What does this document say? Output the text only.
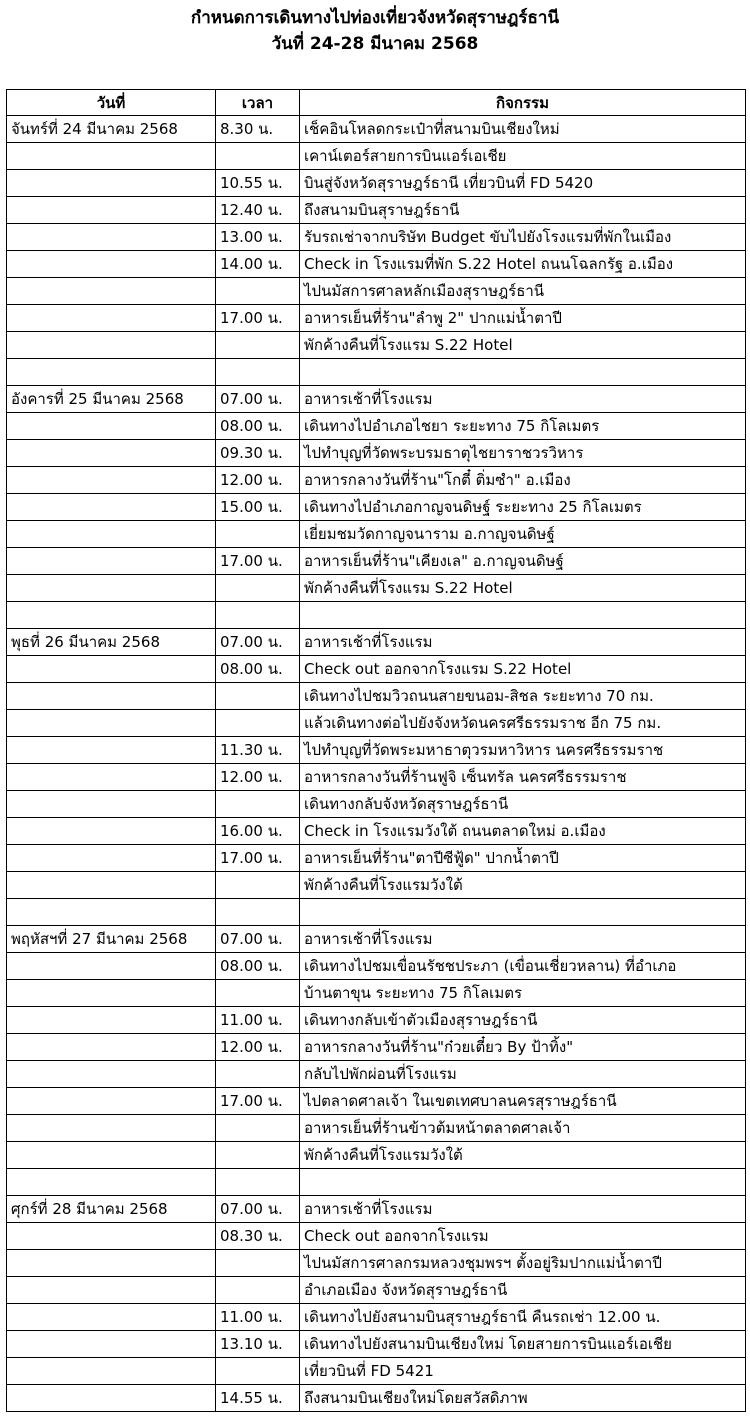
กำหนดการเดินทางไปท่องเที่ยวจังหวัดสุราษฎร์ธานี
วันที่ 24-28 มีนาคม 2568
วันที่	เวลา	กิจกรรม
จันทร์ที่ 24 มีนาคม 2568	8.30 น.	เช็คอินโหลดกระเป๋าที่สนามบินเชียงใหม่
		เคาน์เตอร์สายการบินแอร์เอเชีย
	10.55 น.	บินสู่จังหวัดสุราษฎร์ธานี เที่ยวบินที่ FD 5420
	12.40 น.	ถึงสนามบินสุราษฎร์ธานี
	13.00 น.	รับรถเช่าจากบริษัท Budget ขับไปยังโรงแรมที่พักในเมือง
	14.00 น.	Check in โรงแรมที่พัก S.22 Hotel ถนนโฉลกรัฐ อ.เมือง
		ไปนมัสการศาลหลักเมืองสุราษฎร์ธานี
	17.00 น.	อาหารเย็นที่ร้าน"ลำพู 2" ปากแม่น้ำตาปี
		พักค้างคืนที่โรงแรม S.22 Hotel

อังคารที่ 25 มีนาคม 2568	07.00 น.	อาหารเช้าที่โรงแรม
	08.00 น.	เดินทางไปอำเภอไชยา ระยะทาง 75 กิโลเมตร
	09.30 น.	ไปทำบุญที่วัดพระบรมธาตุไชยาราชวรวิหาร
	12.00 น.	อาหารกลางวันที่ร้าน"โกตี๋ ติ่มซำ" อ.เมือง
	15.00 น.	เดินทางไปอำเภอกาญจนดิษฐ์ ระยะทาง 25 กิโลเมตร
		เยี่ยมชมวัดกาญจนาราม อ.กาญจนดิษฐ์
	17.00 น.	อาหารเย็นที่ร้าน"เคียงเล" อ.กาญจนดิษฐ์
		พักค้างคืนที่โรงแรม S.22 Hotel

พุธที่ 26 มีนาคม 2568	07.00 น.	อาหารเช้าที่โรงแรม
	08.00 น.	Check out ออกจากโรงแรม S.22 Hotel
		เดินทางไปชมวิวถนนสายขนอม-สิชล ระยะทาง 70 กม.
		แล้วเดินทางต่อไปยังจังหวัดนครศรีธรรมราช อีก 75 กม.
	11.30 น.	ไปทำบุญที่วัดพระมหาธาตุวรมหาวิหาร นครศรีธรรมราช
	12.00 น.	อาหารกลางวันที่ร้านฟูจิ เซ็นทรัล นครศรีธรรมราช
		เดินทางกลับจังหวัดสุราษฎร์ธานี
	16.00 น.	Check in โรงแรมวังใต้ ถนนตลาดใหม่ อ.เมือง
	17.00 น.	อาหารเย็นที่ร้าน"ตาปีซีฟู้ด" ปากน้ำตาปี
		พักค้างคืนที่โรงแรมวังใต้

พฤหัสฯที่ 27 มีนาคม 2568	07.00 น.	อาหารเช้าที่โรงแรม
	08.00 น.	เดินทางไปชมเขื่อนรัชชประภา (เขื่อนเชี่ยวหลาน) ที่อำเภอ
		บ้านตาขุน ระยะทาง 75 กิโลเมตร
	11.00 น.	เดินทางกลับเข้าตัวเมืองสุราษฎร์ธานี
	12.00 น.	อาหารกลางวันที่ร้าน"ก๋วยเตี๋ยว By ป้าทิ้ง"
		กลับไปพักผ่อนที่โรงแรม
	17.00 น.	ไปตลาดศาลเจ้า ในเขตเทศบาลนครสุราษฎร์ธานี
		อาหารเย็นที่ร้านข้าวต้มหน้าตลาดศาลเจ้า
		พักค้างคืนที่โรงแรมวังใต้

ศุกร์ที่ 28 มีนาคม 2568	07.00 น.	อาหารเช้าที่โรงแรม
	08.30 น.	Check out ออกจากโรงแรม
		ไปนมัสการศาลกรมหลวงชุมพรฯ ตั้งอยู่ริมปากแม่น้ำตาปี
		อำเภอเมือง จังหวัดสุราษฎร์ธานี
	11.00 น.	เดินทางไปยังสนามบินสุราษฎร์ธานี คืนรถเช่า 12.00 น.
	13.10 น.	เดินทางไปยังสนามบินเชียงใหม่ โดยสายการบินแอร์เอเชีย
		เที่ยวบินที่ FD 5421
	14.55 น.	ถึงสนามบินเชียงใหม่โดยสวัสดิภาพ
